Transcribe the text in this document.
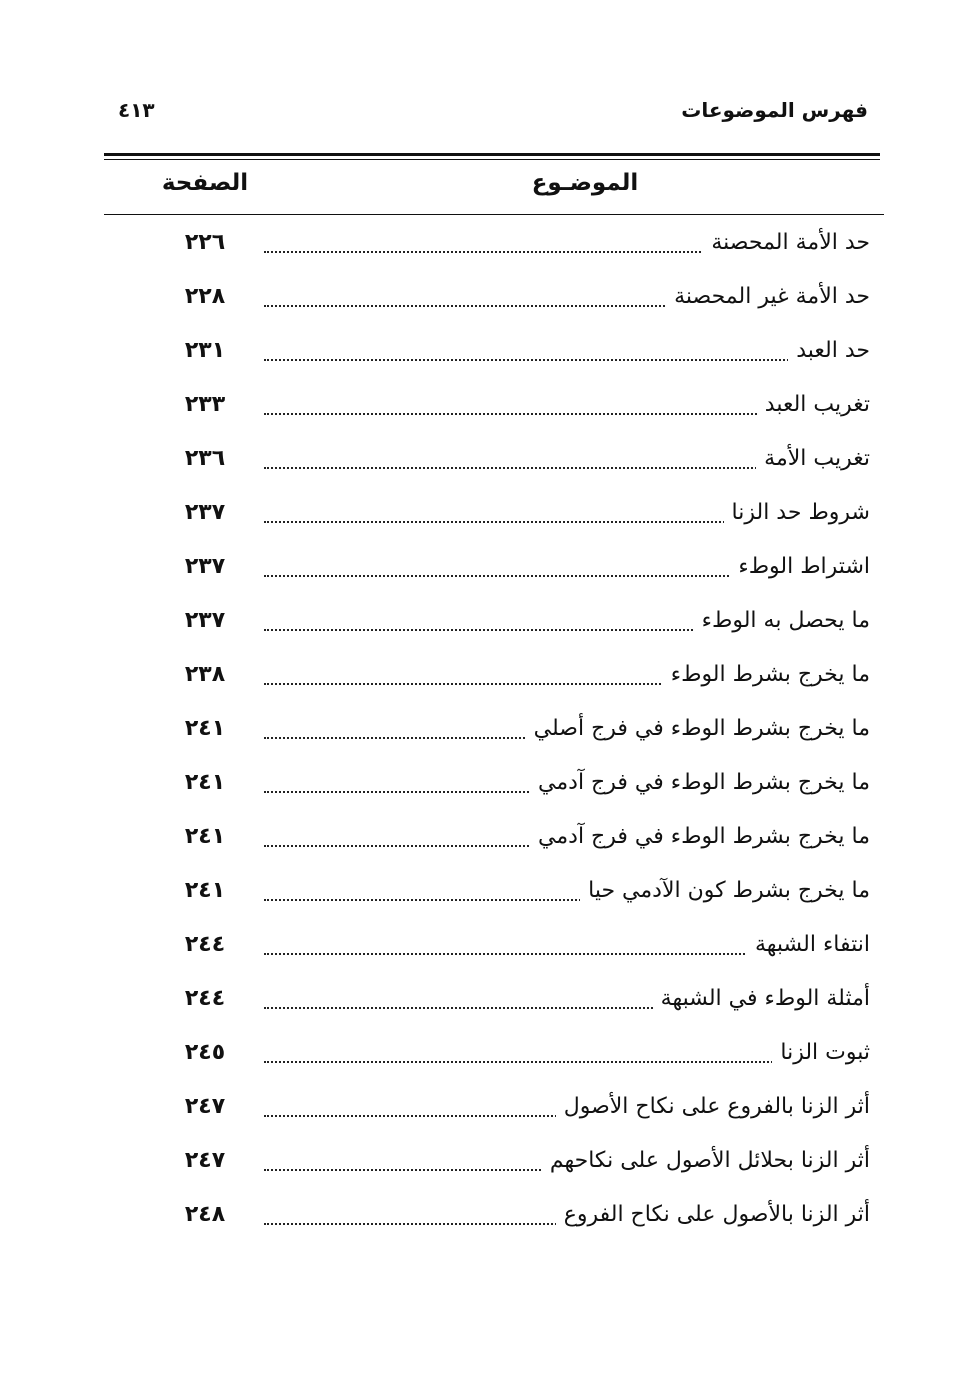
فهرس الموضوعات
٤١٣
الموضـوع
الصفحة
حد الأمة المحصنة
٢٢٦
حد الأمة غير المحصنة
٢٢٨
حد العبد
٢٣١
تغريب العبد
٢٣٣
تغريب الأمة
٢٣٦
شروط حد الزنا
٢٣٧
اشتراط الوطء
٢٣٧
ما يحصل به الوطء
٢٣٧
ما يخرج بشرط الوطء
٢٣٨
ما يخرج بشرط الوطء في فرج أصلي
٢٤١
ما يخرج بشرط الوطء في فرج آدمي
٢٤١
ما يخرج بشرط الوطء في فرج آدمي
٢٤١
ما يخرج بشرط كون الآدمي حيا
٢٤١
انتفاء الشبهة
٢٤٤
أمثلة الوطء في الشبهة
٢٤٤
ثبوت الزنا
٢٤٥
أثر الزنا بالفروع على نكاح الأصول
٢٤٧
أثر الزنا بحلائل الأصول على نكاحهم
٢٤٧
أثر الزنا بالأصول على نكاح الفروع
٢٤٨
